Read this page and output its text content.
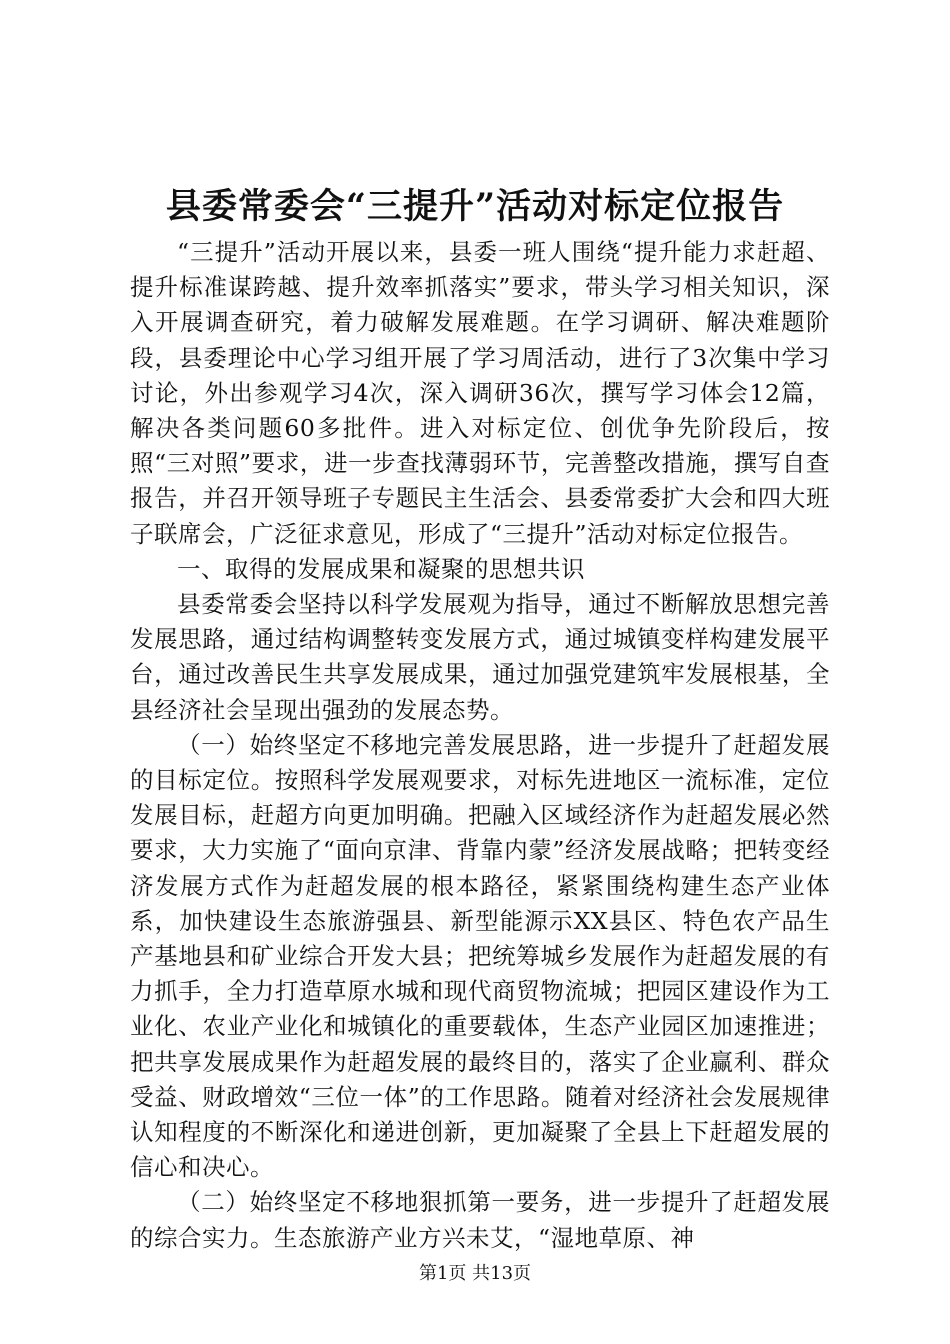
县委常委会“三提升”活动对标定位报告

“三提升”活动开展以来，县委一班人围绕“提升能力求赶超、提升标准谋跨越、提升效率抓落实”要求，带头学习相关知识，深入开展调查研究，着力破解发展难题。在学习调研、解决难题阶段，县委理论中心学习组开展了学习周活动，进行了3次集中学习讨论，外出参观学习4次，深入调研36次，撰写学习体会12篇，解决各类问题60多批件。进入对标定位、创优争先阶段后，按照“三对照”要求，进一步查找薄弱环节，完善整改措施，撰写自查报告，并召开领导班子专题民主生活会、县委常委扩大会和四大班子联席会，广泛征求意见，形成了“三提升”活动对标定位报告。

一、取得的发展成果和凝聚的思想共识

县委常委会坚持以科学发展观为指导，通过不断解放思想完善发展思路，通过结构调整转变发展方式，通过城镇变样构建发展平台，通过改善民生共享发展成果，通过加强党建筑牢发展根基，全县经济社会呈现出强劲的发展态势。

（一）始终坚定不移地完善发展思路，进一步提升了赶超发展的目标定位。按照科学发展观要求，对标先进地区一流标准，定位发展目标，赶超方向更加明确。把融入区域经济作为赶超发展必然要求，大力实施了“面向京津、背靠内蒙”经济发展战略；把转变经济发展方式作为赶超发展的根本路径，紧紧围绕构建生态产业体系，加快建设生态旅游强县、新型能源示XX县区、特色农产品生产基地县和矿业综合开发大县；把统筹城乡发展作为赶超发展的有力抓手，全力打造草原水城和现代商贸物流城；把园区建设作为工业化、农业产业化和城镇化的重要载体，生态产业园区加速推进；把共享发展成果作为赶超发展的最终目的，落实了企业赢利、群众受益、财政增效“三位一体”的工作思路。随着对经济社会发展规律认知程度的不断深化和递进创新，更加凝聚了全县上下赶超发展的信心和决心。

（二）始终坚定不移地狠抓第一要务，进一步提升了赶超发展的综合实力。生态旅游产业方兴未艾，“湿地草原、神

第1页 共13页
